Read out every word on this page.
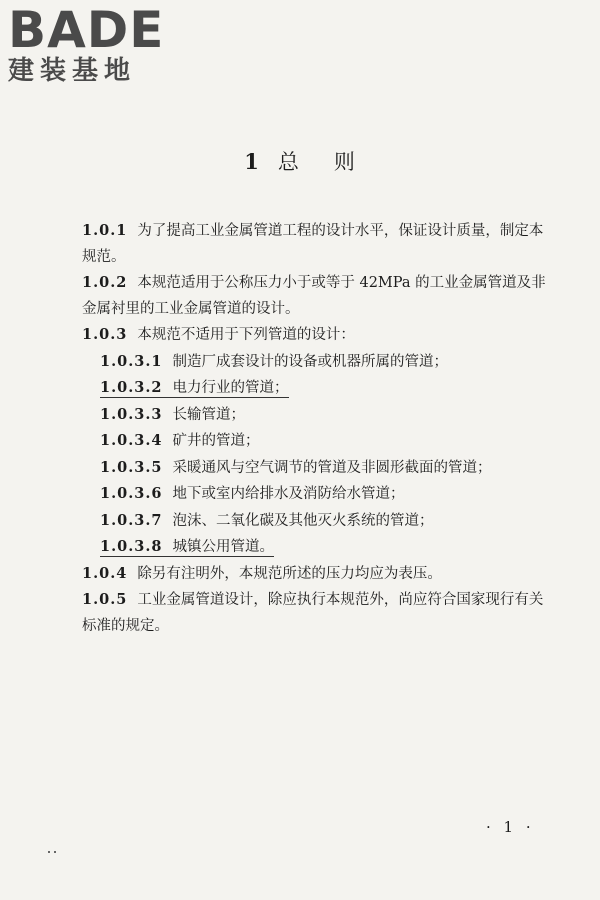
BADE
建装基地
1 总 则

1.0.1 为了提高工业金属管道工程的设计水平，保证设计质量，制定本规范。

1.0.2 本规范适用于公称压力小于或等于 42MPa 的工业金属管道及非金属衬里的工业金属管道的设计。

1.0.3 本规范不适用于下列管道的设计：

1.0.3.1 制造厂成套设计的设备或机器所属的管道；

1.0.3.2 电力行业的管道；

1.0.3.3 长输管道；

1.0.3.4 矿井的管道；

1.0.3.5 采暖通风与空气调节的管道及非圆形截面的管道；

1.0.3.6 地下或室内给排水及消防给水管道；

1.0.3.7 泡沫、二氧化碳及其他灭火系统的管道；

1.0.3.8 城镇公用管道。

1.0.4 除另有注明外，本规范所述的压力均应为表压。

1.0.5 工业金属管道设计，除应执行本规范外，尚应符合国家现行有关标准的规定。

· 1 ·
